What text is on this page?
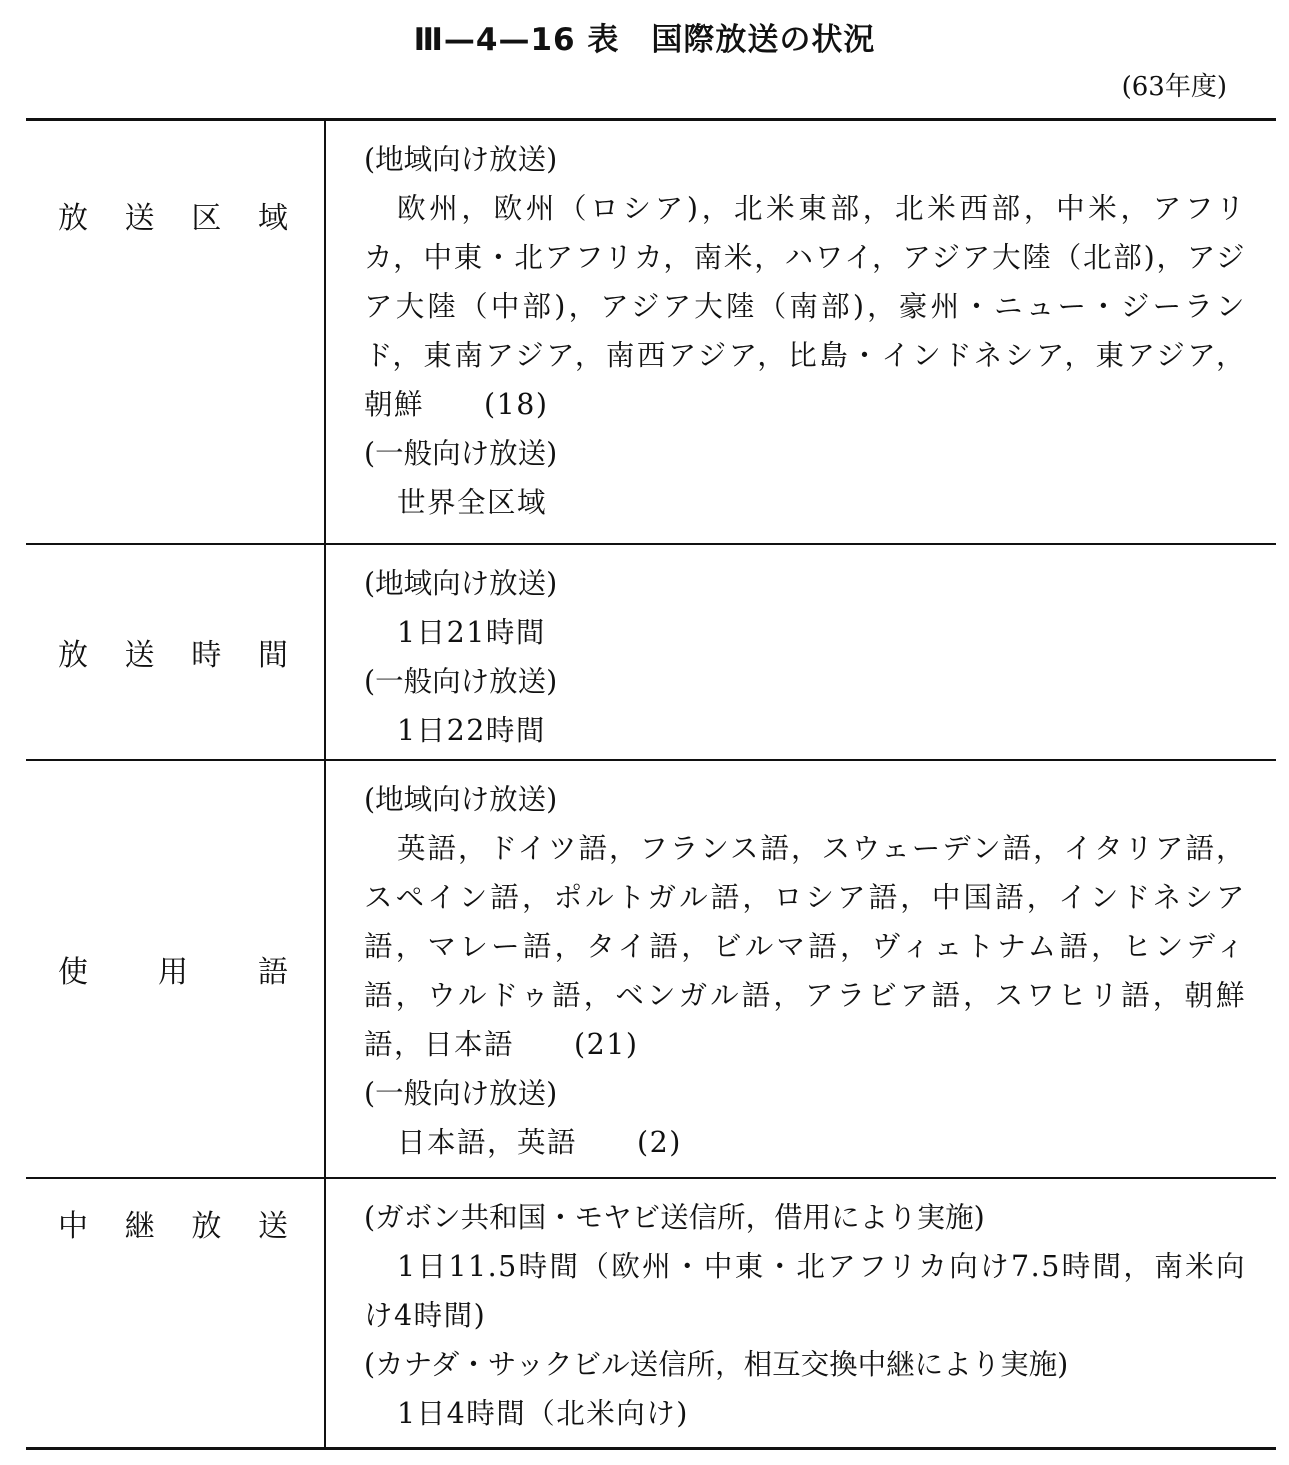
Ⅲ—4—16 表　国際放送の状況
(63年度)
放 送 区 域

(地域向け放送)

欧州，欧州（ロシア)，北米東部，北米西部，中米，アフリカ，中東・北アフリカ，南米，ハワイ，アジア大陸（北部)，アジア大陸（中部)，アジア大陸（南部)，豪州・ニュー・ジーランド，東南アジア，南西アジア，比島・インドネシア，東アジア，朝鮮　　(18)

(一般向け放送)

世界全区域

放 送 時 間

(地域向け放送)

1日21時間

(一般向け放送)

1日22時間

使 用 語

(地域向け放送)

英語，ドイツ語，フランス語，スウェーデン語，イタリア語，スペイン語，ポルトガル語，ロシア語，中国語，インドネシア語，マレー語，タイ語，ビルマ語，ヴィェトナム語，ヒンディ語，ウルドゥ語，ベンガル語，アラビア語，スワヒリ語，朝鮮語，日本語　　(21)

(一般向け放送)

日本語，英語　　(2)

中 継 放 送	(ガボン共和国・モヤビ送信所，借用により実施)

1日11.5時間（欧州・中東・北アフリカ向け7.5時間，南米向け4時間)

(カナダ・サックビル送信所，相互交換中継により実施)

1日4時間（北米向け)
